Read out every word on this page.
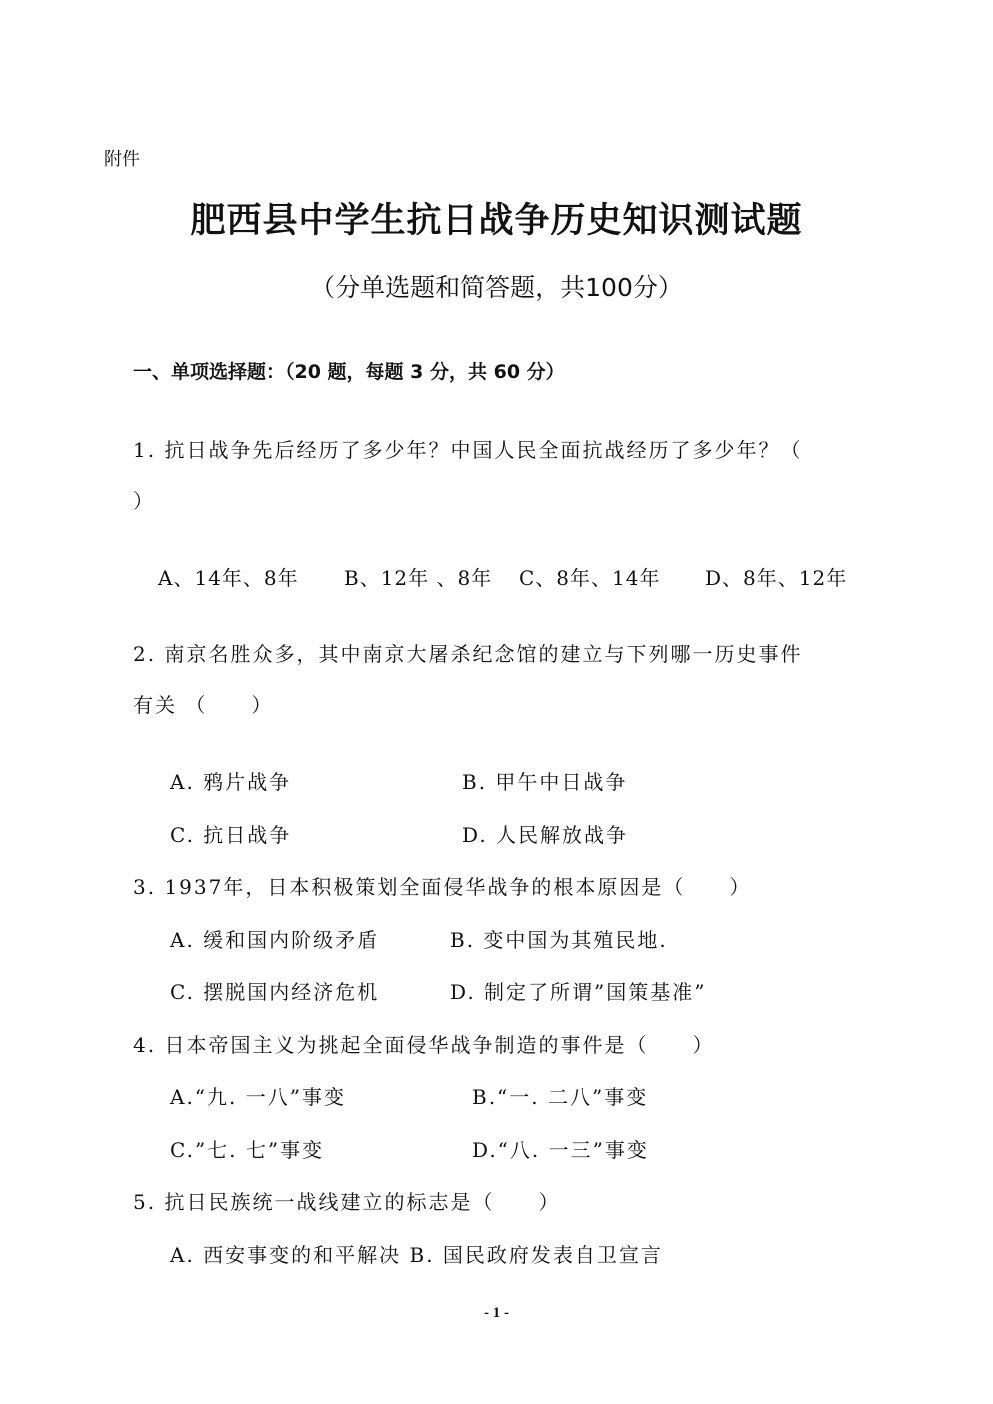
附件
肥西县中学生抗日战争历史知识测试题
（分单选题和简答题，共100分）
一、单项选择题：（20 题，每题 3 分，共 60 分）
1. 抗日战争先后经历了多少年？中国人民全面抗战经历了多少年？（
）
A、14年、8年 B、12年 、8年 C、8年、14年 D、8年、12年
2. 南京名胜众多，其中南京大屠杀纪念馆的建立与下列哪一历史事件
有关 （　　）
A. 鸦片战争	B. 甲午中日战争
C. 抗日战争	D. 人民解放战争
3. 1937年，日本积极策划全面侵华战争的根本原因是（　　）
A. 缓和国内阶级矛盾	B. 变中国为其殖民地.
C. 摆脱国内经济危机	D. 制定了所谓”国策基准”
4. 日本帝国主义为挑起全面侵华战争制造的事件是（　　）
A.“九. 一八”事变	B.“一. 二八”事变
C.”七. 七”事变	D.“八. 一三”事变
5. 抗日民族统一战线建立的标志是（　　）
A. 西安事变的和平解决 B. 国民政府发表自卫宣言
- 1 -
